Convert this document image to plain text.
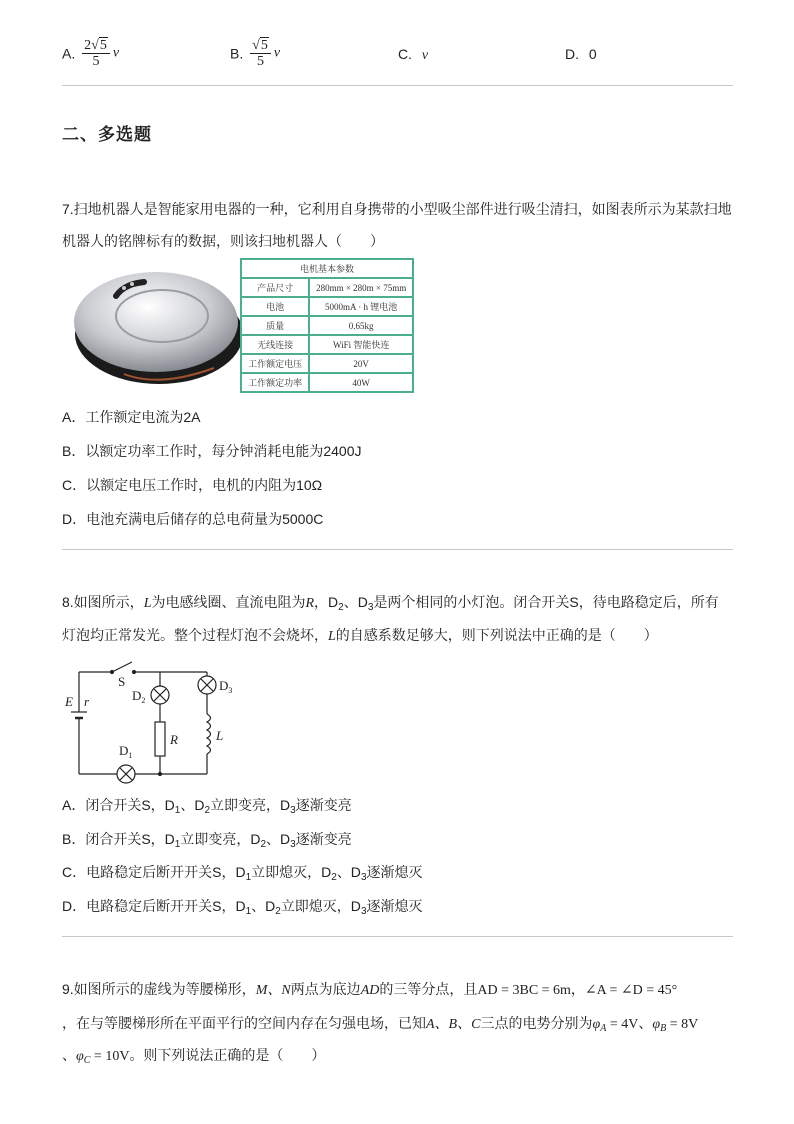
A. $\frac{2√5}{5}$ v	B. $\frac{√5}{5}$ v	C. v	D. 0
二、多选题
7.扫地机器人是智能家用电器的一种，它利用自身携带的小型吸尘部件进行吸尘清扫，如图表所示为某款扫地
机器人的铭牌标有的数据，则该扫地机器人（　　）
电机基本参数	
产品尺寸	280mm × 280m × 75mm
电池	5000mA · h 锂电池
质量	0.65kg
无线连接	WiFi 智能快连
工作额定电压	20V
工作额定功率	40W
A．工作额定电流为2A
B．以额定功率工作时，每分钟消耗电能为2400J
C．以额定电压工作时，电机的内阻为10Ω
D．电池充满电后储存的总电荷量为5000C
8.如图所示，L为电感线圈、直流电阻为R，$D_2$、$D_3$是两个相同的小灯泡。闭合开关S，待电路稳定后，所有
灯泡均正常发光。整个过程灯泡不会烧坏，L的自感系数足够大，则下列说法中正确的是（　　）
S
E r	$D_2$
$D_3$
$D_1$
R	L
A．闭合开关S，$D_1$、$D_2$立即变亮，$D_3$逐渐变亮
B．闭合开关S，$D_1$立即变亮，$D_2$、$D_3$逐渐变亮
C．电路稳定后断开开关S，$D_1$立即熄灭，$D_2$、$D_3$逐渐熄灭
D．电路稳定后断开开关S，$D_1$、$D_2$立即熄灭，$D_3$逐渐熄灭
9.如图所示的虚线为等腰梯形，M、N两点为底边AD的三等分点，且AD = 3BC = 6m，∠A = ∠D = 45°
，在与等腰梯形所在平面平行的空间内存在匀强电场，已知A、B、C三点的电势分别为$\varphi_A = 4V$、$\varphi_B = 8V$
、$\varphi_C = 10V$。则下列说法正确的是（　　）
